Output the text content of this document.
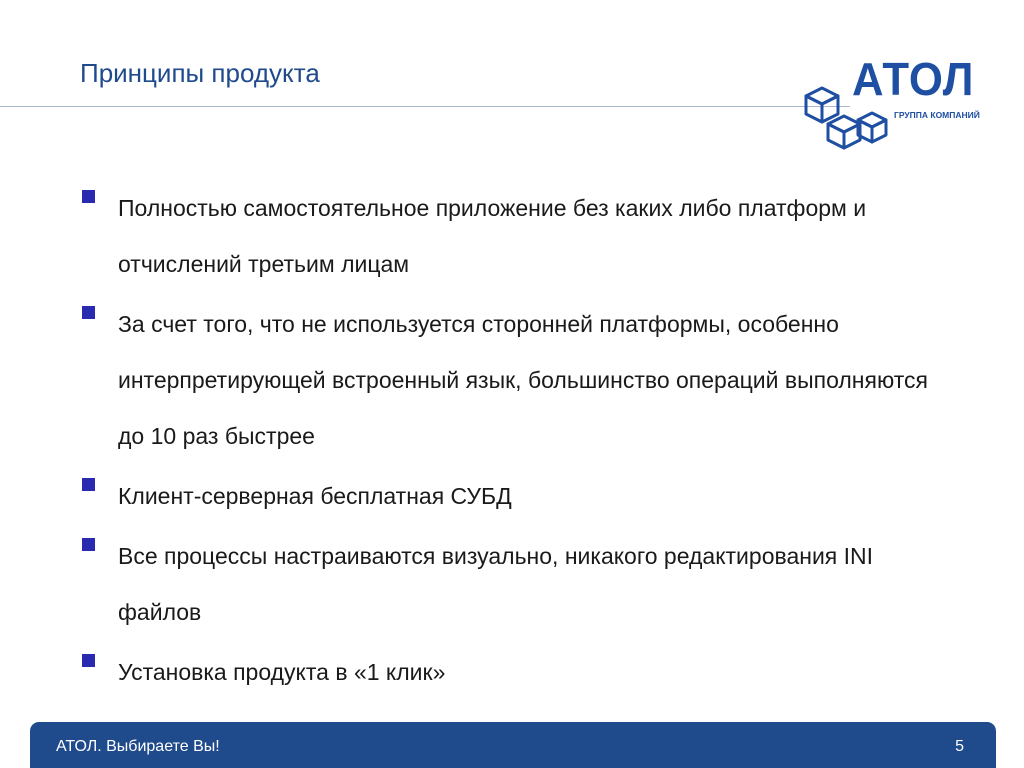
Принципы продукта	АТОЛ
ГРУППА КОМПАНИЙ
Полностью самостоятельное приложение без каких либо платформ и отчислений третьим лицам
За счет того, что не используется сторонней платформы, особенно интерпретирующей встроенный язык, большинство операций выполняются до 10 раз быстрее
Клиент-серверная бесплатная СУБД
Все процессы настраиваются визуально, никакого редактирования INI файлов
Установка продукта в «1 клик»
АТОЛ. Выбираете Вы!	5
